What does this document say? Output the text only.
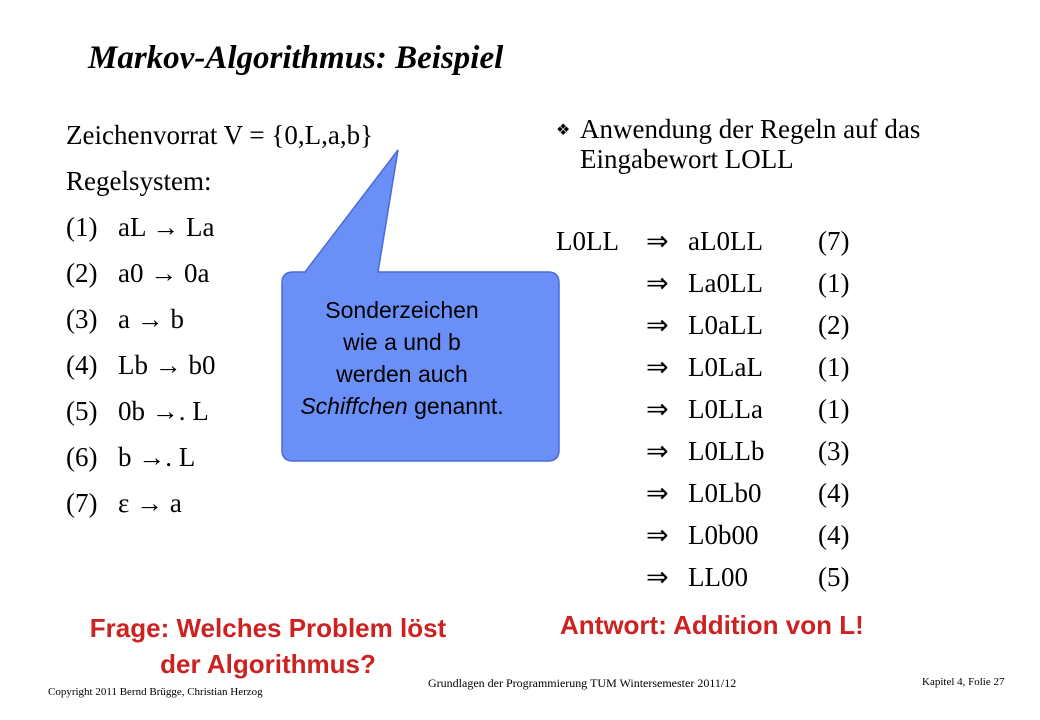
Markov-Algorithmus: Beispiel
Zeichenvorrat V = {0,L,a,b}
Regelsystem:
(1) aL → La
(2) a0 → 0a
(3) a → b
(4) Lb → b0
(5) 0b →. L
(6) b →. L
(7) ε → a
Sonderzeichen
wie a und b
werden auch
Schiffchen genannt.
❖ Anwendung der Regeln auf das
Eingabewort LOLL
L0LL ⇒ aL0LL (7)
⇒ La0LL (1)
⇒ L0aLL (2)
⇒ L0LaL (1)
⇒ L0LLa (1)
⇒ L0LLb (3)
⇒ L0Lb0 (4)
⇒ L0b00 (4)
⇒ LL00	(5)
Frage: Welches Problem löst
der Algorithmus?
Antwort: Addition von L!
Copyright 2011 Bernd Brügge, Christian Herzog
Grundlagen der Programmierung TUM Wintersemester 2011/12	Kapitel 4, Folie 27
